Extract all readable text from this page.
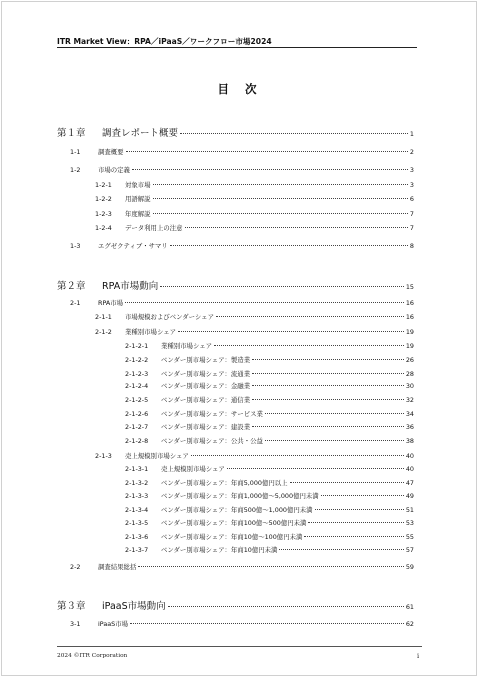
ITR Market View：RPA／iPaaS／ワークフロー市場2024
目 次
第１章	調査レポート概要	1
1-1	調査概要	2
1-2	市場の定義	3
1-2-1	対象市場	3
1-2-2	用語解説	6
1-2-3	年度解説	7
1-2-4	データ利用上の注意	7
1-3	エグゼクティブ・サマリ	8
第２章	RPA市場動向	15
2-1	RPA市場	16
2-1-1	市場規模およびベンダーシェア	16
2-1-2	業種別市場シェア	19
2-1-2-1	業種別市場シェア	19
2-1-2-2	ベンダー別市場シェア：製造業	26
2-1-2-3	ベンダー別市場シェア：流通業	28
2-1-2-4	ベンダー別市場シェア：金融業	30
2-1-2-5	ベンダー別市場シェア：通信業	32
2-1-2-6	ベンダー別市場シェア：サービス業	34
2-1-2-7	ベンダー別市場シェア：建設業	36
2-1-2-8	ベンダー別市場シェア：公共・公益	38
2-1-3	売上規模別市場シェア	40
2-1-3-1	売上規模別市場シェア	40
2-1-3-2	ベンダー別市場シェア：年商5,000億円以上	47
2-1-3-3	ベンダー別市場シェア：年商1,000億～5,000億円未満	49
2-1-3-4	ベンダー別市場シェア：年商500億～1,000億円未満	51
2-1-3-5	ベンダー別市場シェア：年商100億～500億円未満	53
2-1-3-6	ベンダー別市場シェア：年商10億～100億円未満	55
2-1-3-7	ベンダー別市場シェア：年商10億円未満	57
2-2	調査結果総括	59
第３章	iPaaS市場動向	61
3-1	iPaaS市場	62
2024 ©ITR Corporation	i
